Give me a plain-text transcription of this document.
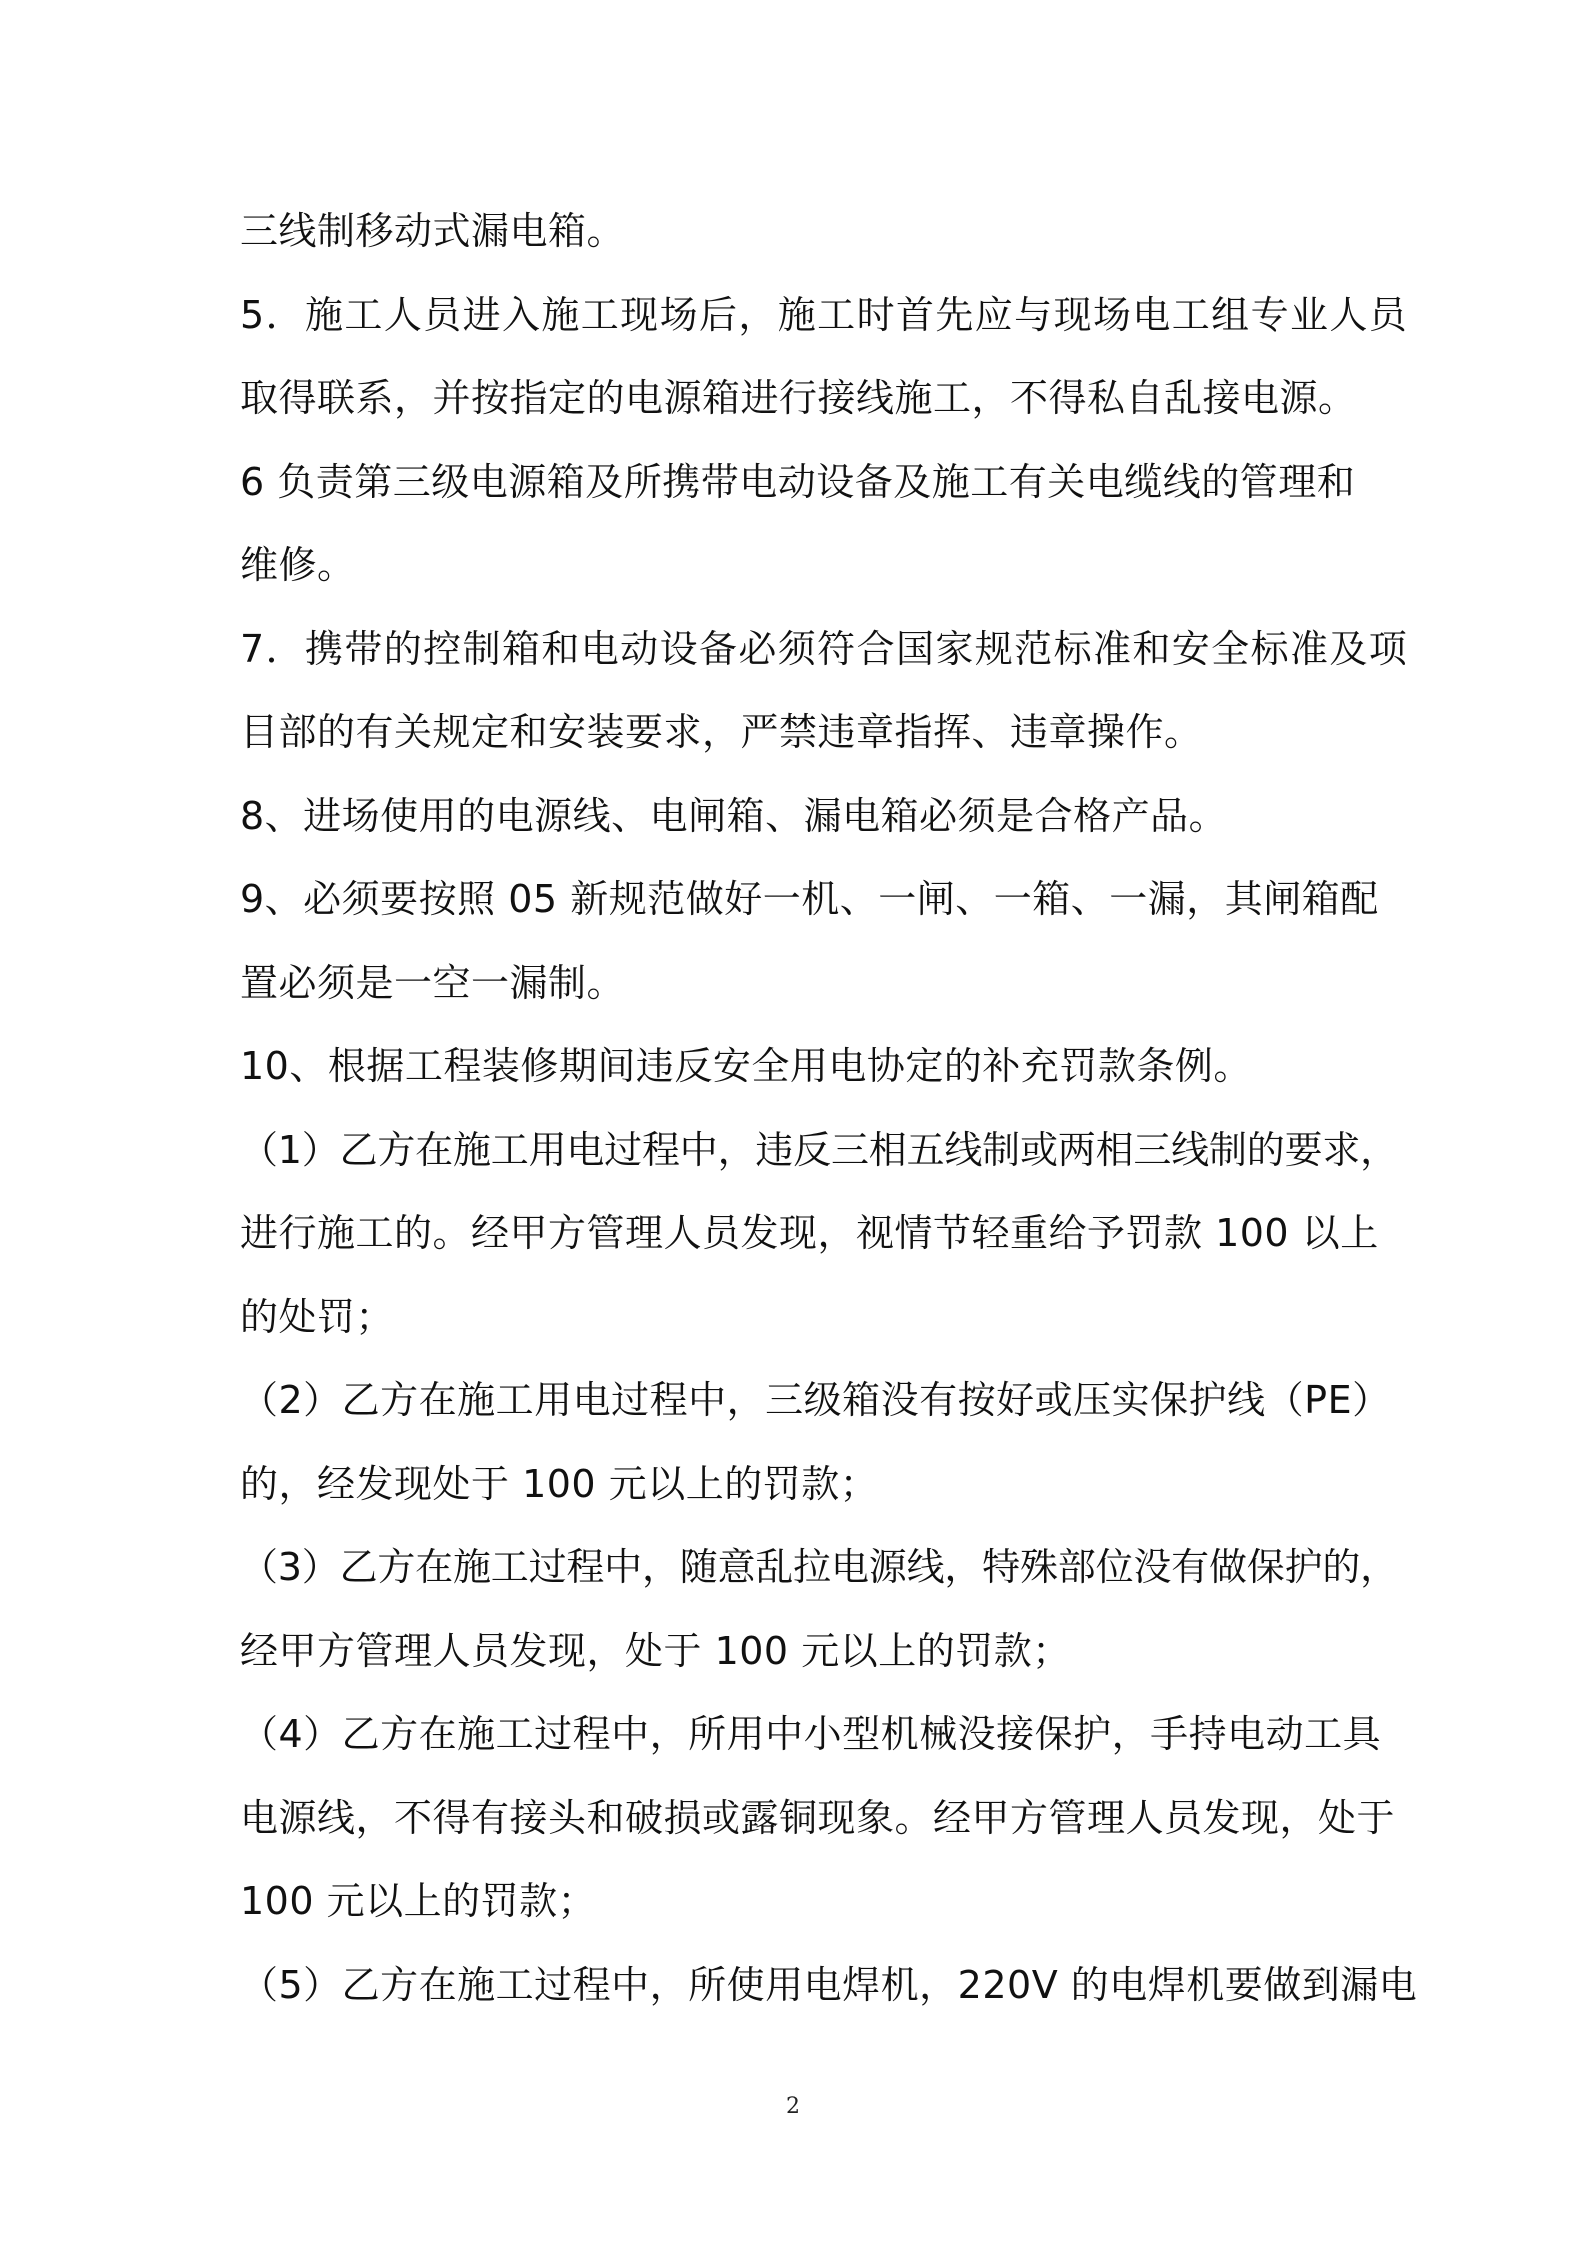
三线制移动式漏电箱。
5．施工人员进入施工现场后，施工时首先应与现场电工组专业人员
取得联系，并按指定的电源箱进行接线施工，不得私自乱接电源。
6 负责第三级电源箱及所携带电动设备及施工有关电缆线的管理和
维修。
7．携带的控制箱和电动设备必须符合国家规范标准和安全标准及项
目部的有关规定和安装要求，严禁违章指挥、违章操作。
8、进场使用的电源线、电闸箱、漏电箱必须是合格产品。
9、必须要按照 05 新规范做好一机、一闸、一箱、一漏，其闸箱配
置必须是一空一漏制。
10、根据工程装修期间违反安全用电协定的补充罚款条例。
（1）乙方在施工用电过程中，违反三相五线制或两相三线制的要求，
进行施工的。经甲方管理人员发现，视情节轻重给予罚款 100 以上
的处罚；
（2）乙方在施工用电过程中，三级箱没有按好或压实保护线（PE）
的，经发现处于 100 元以上的罚款；
（3）乙方在施工过程中，随意乱拉电源线，特殊部位没有做保护的，
经甲方管理人员发现，处于 100 元以上的罚款；
（4）乙方在施工过程中，所用中小型机械没接保护，手持电动工具
电源线，不得有接头和破损或露铜现象。经甲方管理人员发现，处于
100 元以上的罚款；
（5）乙方在施工过程中，所使用电焊机，220V 的电焊机要做到漏电
2
